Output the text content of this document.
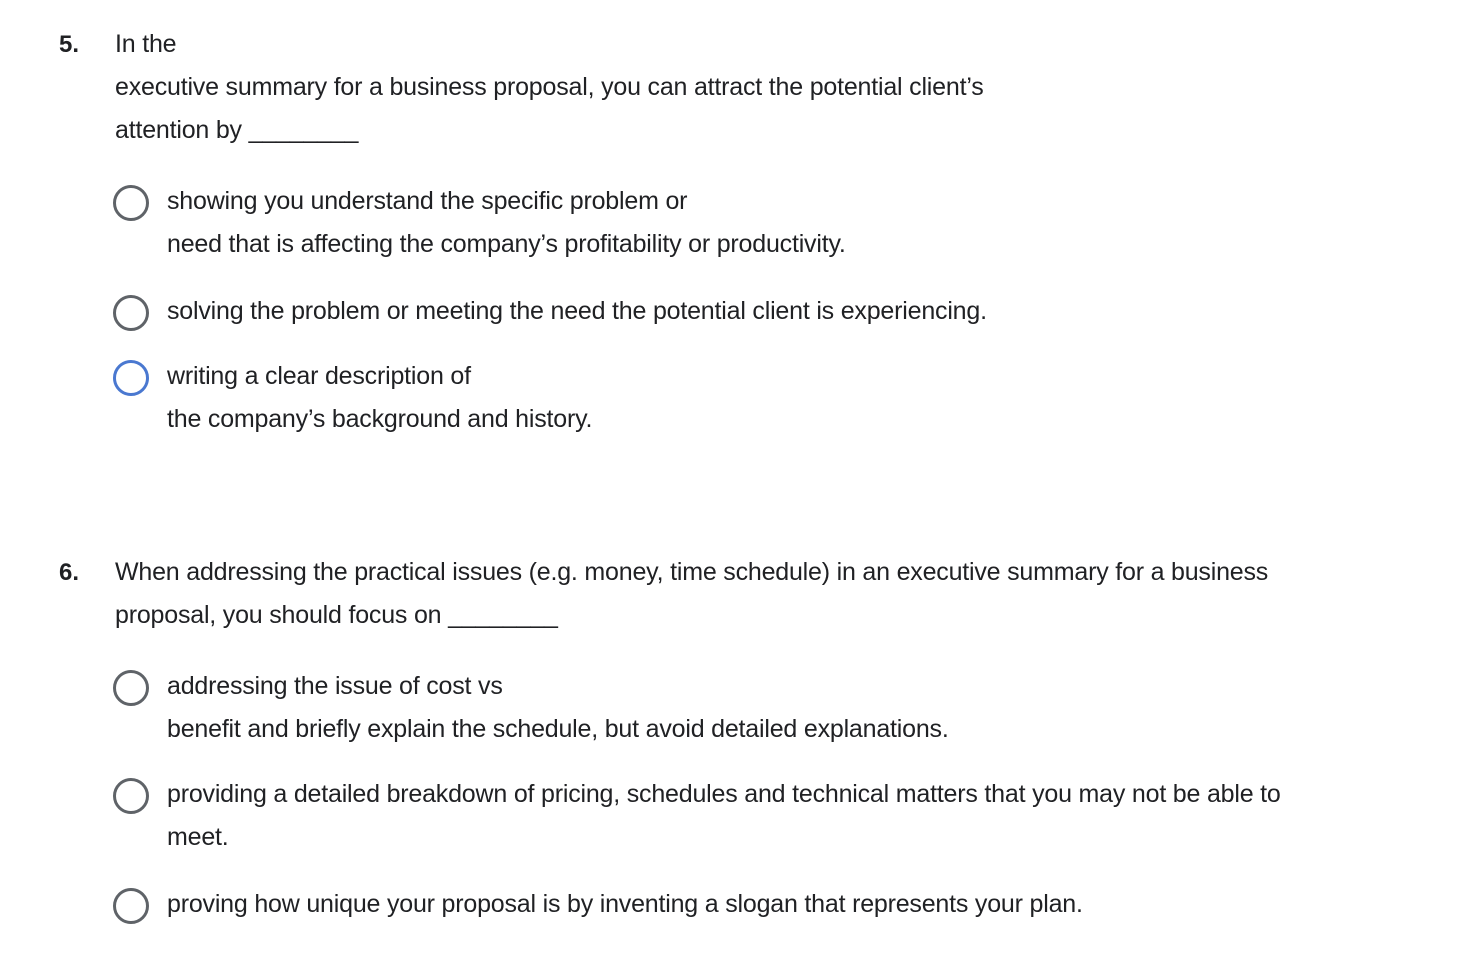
5. In the
executive summary for a business proposal, you can attract the potential client’s
attention by ________
showing you understand the specific problem or
need that is affecting the company’s profitability or productivity.
solving the problem or meeting the need the potential client is experiencing.
writing a clear description of
the company’s background and history.
6. When addressing the practical issues (e.g. money, time schedule) in an executive summary for a business
proposal, you should focus on ________
addressing the issue of cost vs
benefit and briefly explain the schedule, but avoid detailed explanations.
providing a detailed breakdown of pricing, schedules and technical matters that you may not be able to
meet.
proving how unique your proposal is by inventing a slogan that represents your plan.
